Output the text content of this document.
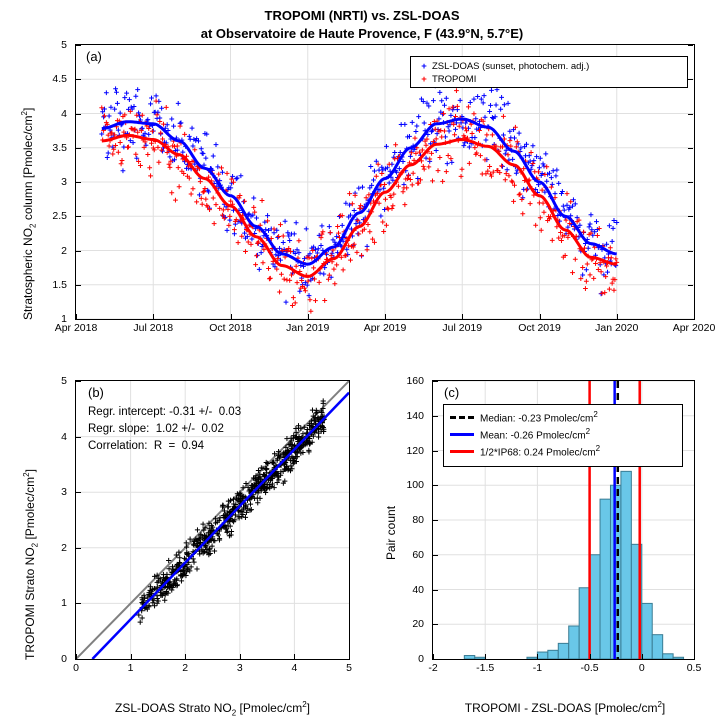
TROPOMI (NRTI) vs. ZSL-DOAS
at Observatoire de Haute Provence, F (43.9°N, 5.7°E)
(a)
5
4.5
4
3.5
3
2.5
2
1.5
1
Apr 2018	Jul 2018	Oct 2018	Jan 2019	Apr 2019	Jul 2019	Oct 2019	Jan 2020	Apr 2020
Stratospheric $NO_2$ column $[Pmolec/cm^2]$
+ ZSL-DOAS (sunset, photochem. adj.)
+ TROPOMI
(b)
5
4
3
2
1
0
0	1	2	3	4	5
TROPOMI Strato $NO_2$ $[Pmolec/cm^2]$
ZSL-DOAS Strato $NO_2$ $[Pmolec/cm^2]$
Regr. intercept: -0.31 +/-  0.03
Regr. slope:  1.02 +/-  0.02
Correlation:  R  =  0.94
(c)
160
140
120
100
80
60
40
20
0
-2	-1.5	-1	-0.5	0	0.5
Pair count
TROPOMI - ZSL-DOAS $[Pmolec/cm^2]$
Median: -0.23 Pmolec/$cm^2$
Mean: -0.26 Pmolec/$cm^2$
1/2*IP68: 0.24 Pmolec/$cm^2$
